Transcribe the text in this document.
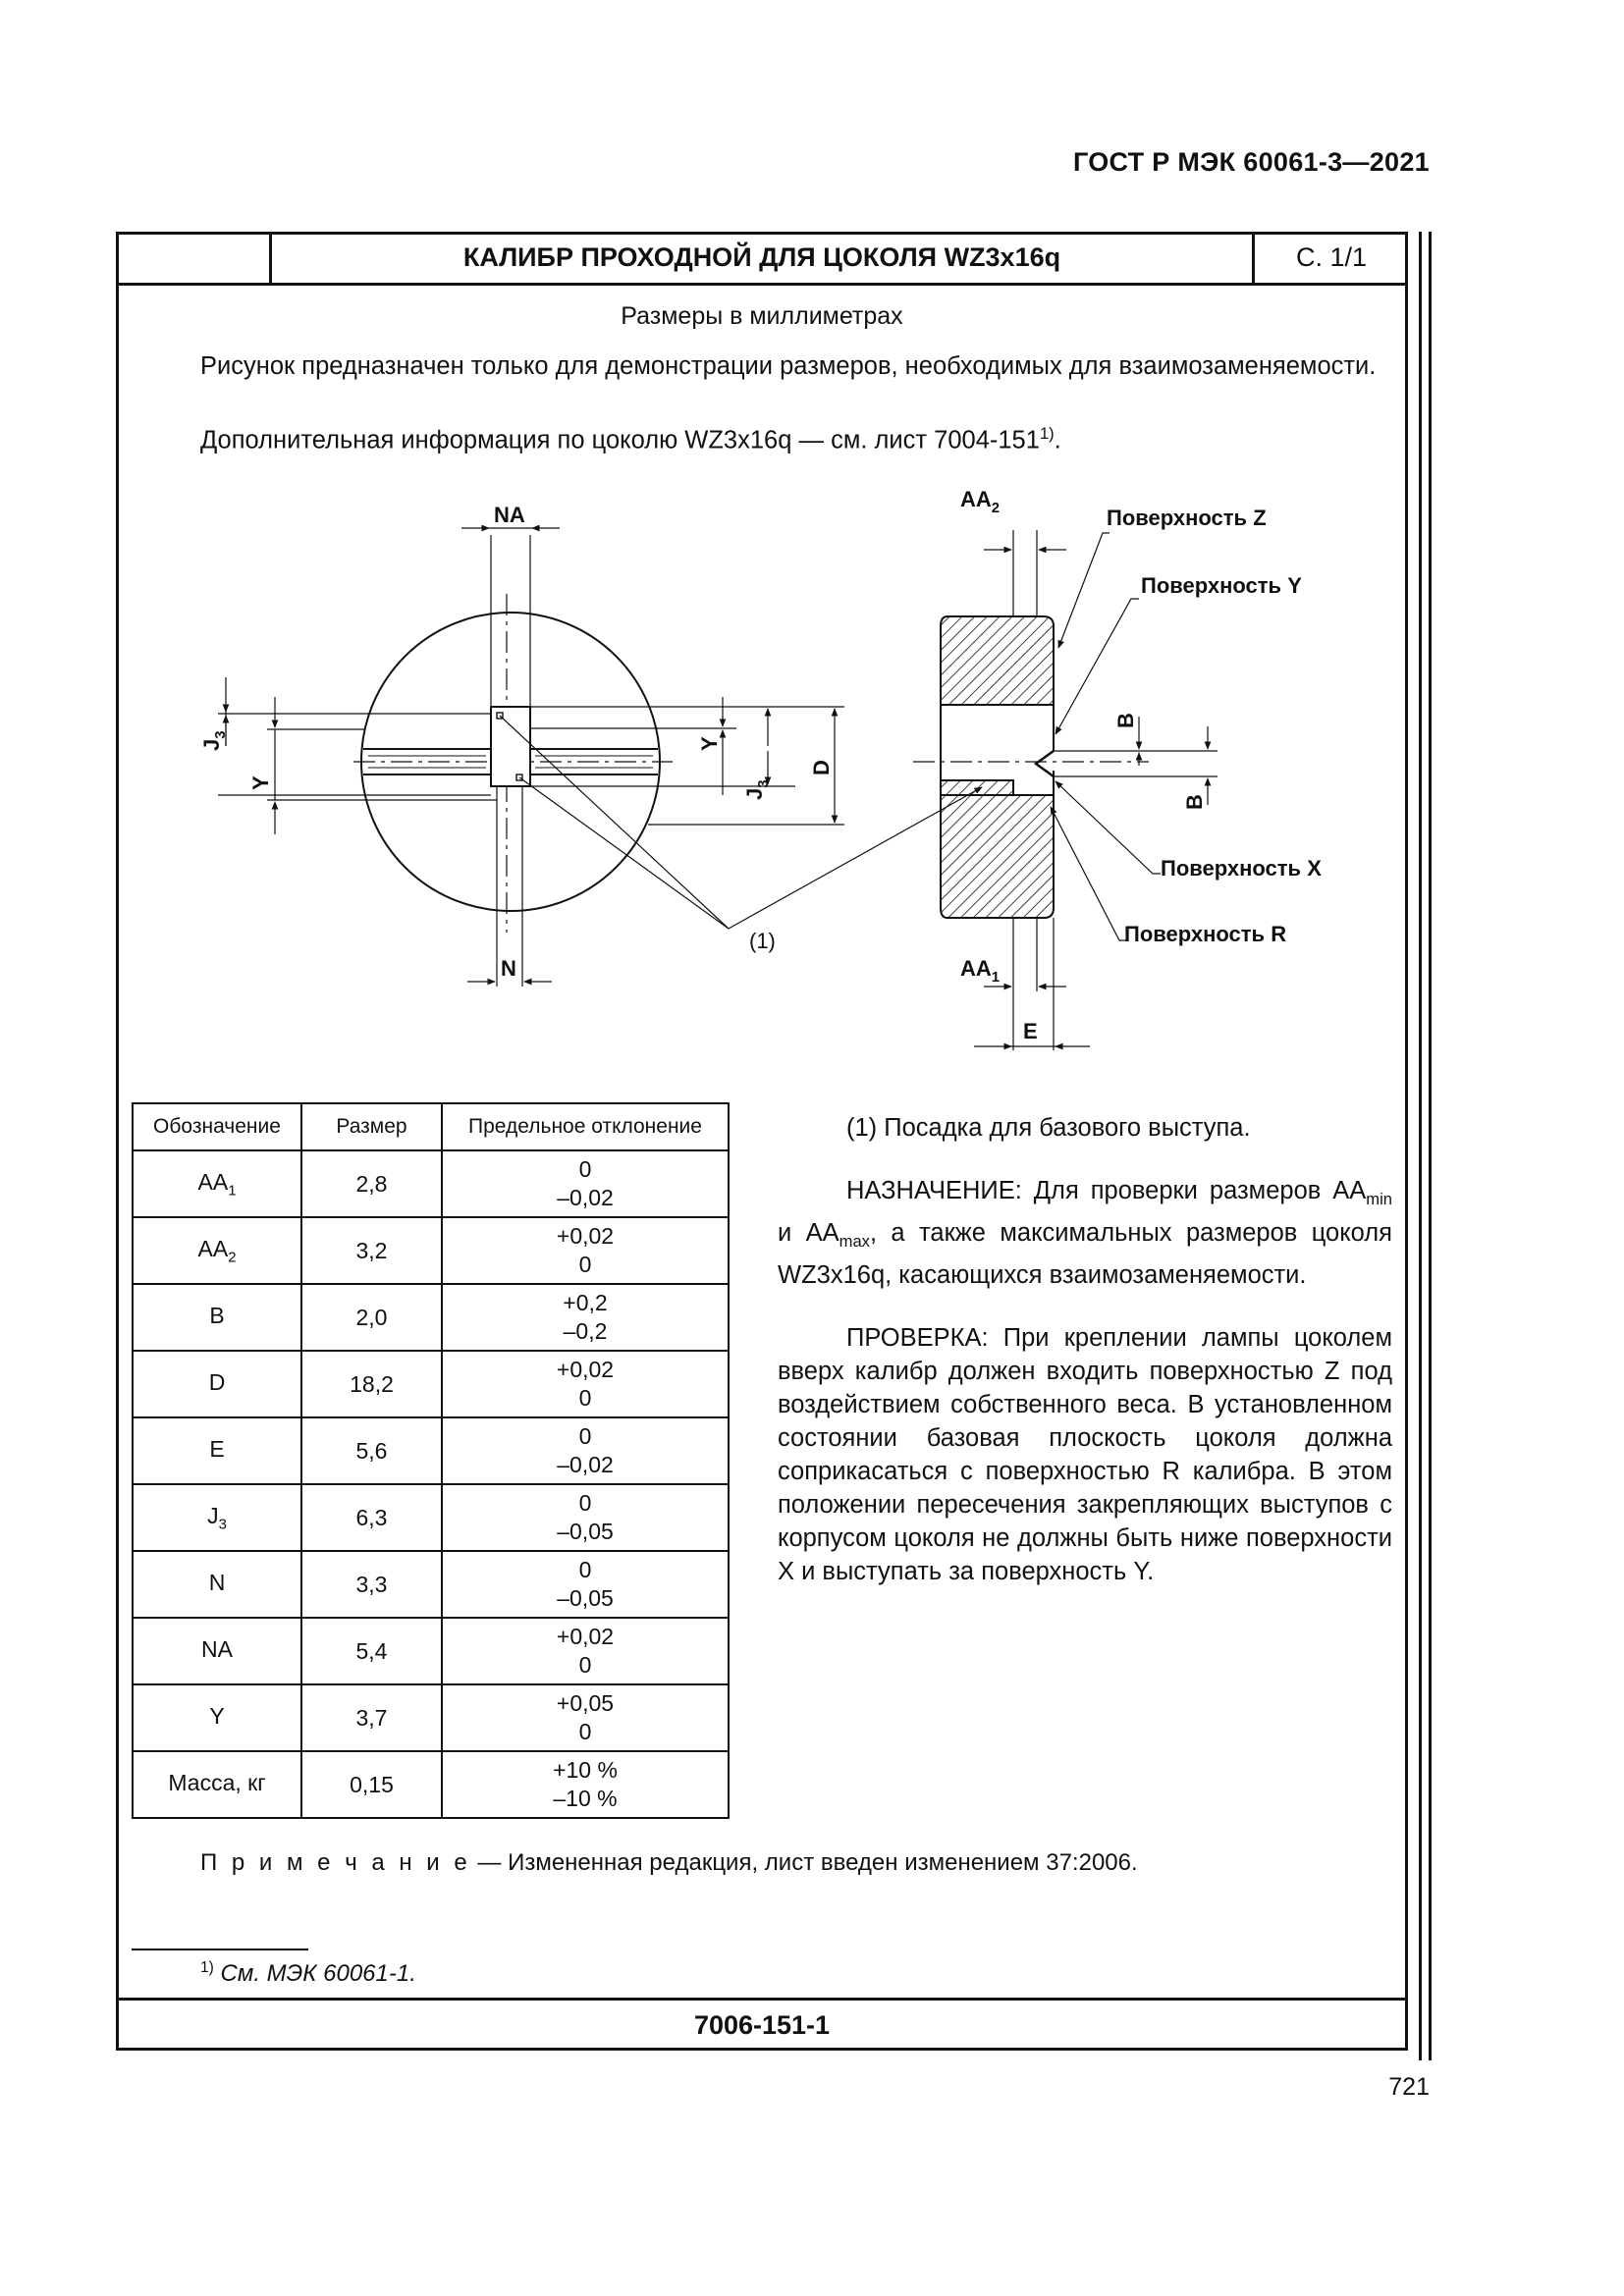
ГОСТ Р МЭК 60061-3—2021
КАЛИБР ПРОХОДНОЙ ДЛЯ ЦОКОЛЯ WZ3x16q	С. 1/1
Размеры в миллиметрах
Рисунок предназначен только для демонстрации размеров, необходимых для взаимозаменяемости.
Дополнительная информация по цоколю WZ3x16q — см. лист 7004-151$^{1)}$.
NA
N
$J_3$
Y
Y
$J_3$
D
(1)
$AA_2$
$AA_1$
E
B
B
Поверхность Z
Поверхность Y
Поверхность X
Поверхность R
Обозначение	Размер	Предельное отклонение
$AA_1$	2,8	0
–0,02

$AA_2$	3,2	+0,02
0

B	2,0	+0,2
–0,2

D	18,2	+0,02
0

E	5,6	0
–0,02

$J_3$	6,3	0
–0,05

N	3,3	0
–0,05

NA	5,4	+0,02
0

Y	3,7	+0,05
0

Масса, кг	0,15	+10 %
–10 %

(1) Посадка для базового выступа.

НАЗНАЧЕНИЕ: Для проверки размеров $AA_{min}$ и $AA_{max}$, а также максимальных размеров цоколя WZ3x16q, касающихся взаимозаменяемости.

ПРОВЕРКА: При креплении лампы цоколем вверх калибр должен входить поверхностью Z под воздействием собственного веса. В установленном состоянии базовая плоскость цоколя должна соприкасаться с поверхностью R калибра. В этом положении пересечения закрепляющих выступов с корпусом цоколя не должны быть ниже поверхности X и выступать за поверхность Y.

П р и м е ч а н и е — Измененная редакция, лист введен изменением 37:2006.
$^{1)}$ См. МЭК 60061-1.
7006-151-1
721
